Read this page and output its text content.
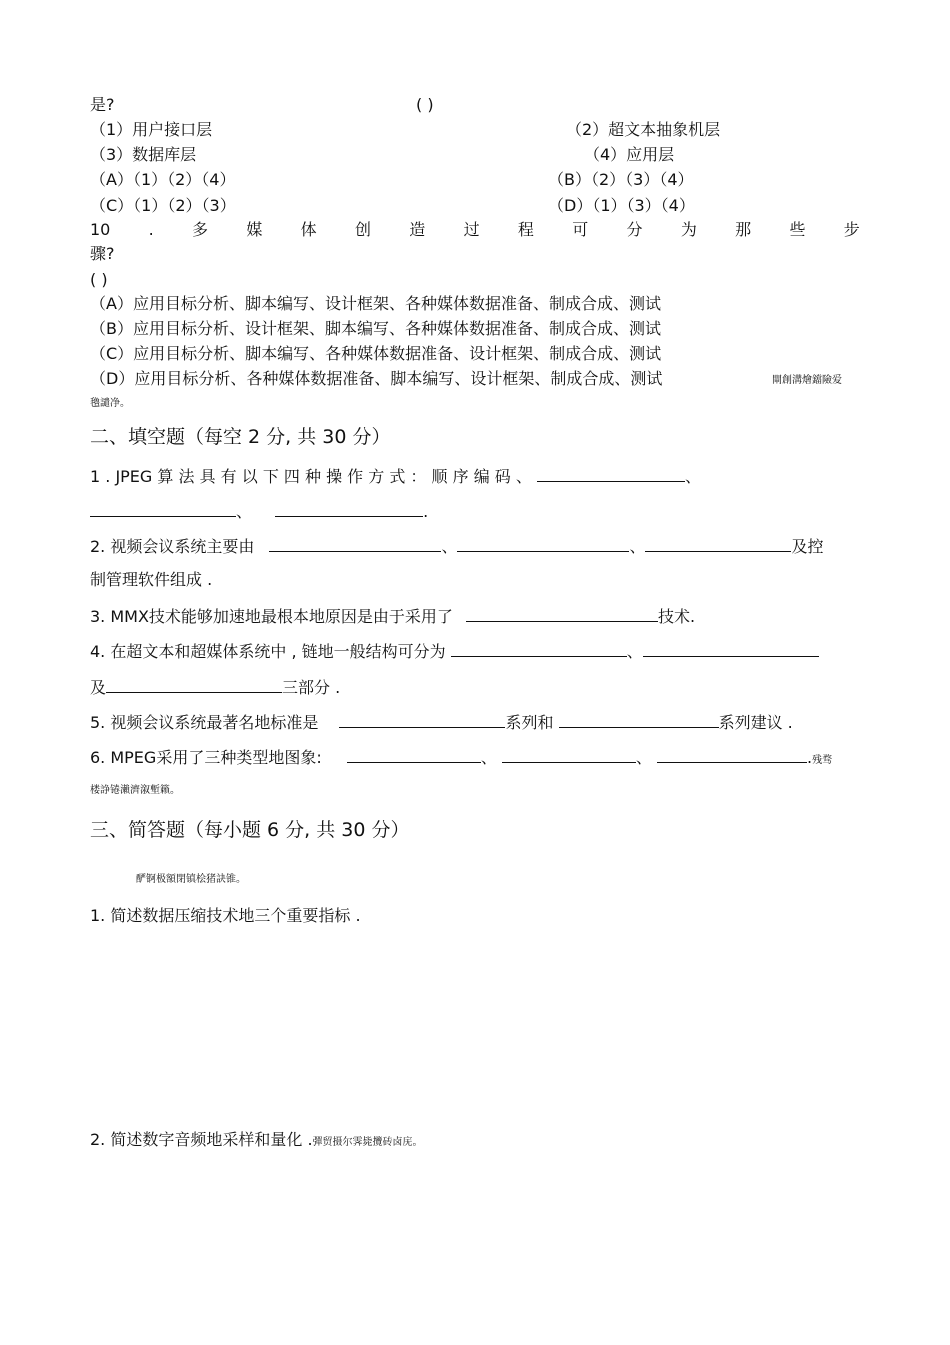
是?	( )
（1）用户接口层	（2）超文本抽象机层
（3）数据库层	（4）应用层
（A）（1）（2）（4）	（B）（2）（3）（4）
（C）（1）（2）（3）	（D）（1）（3）（4）
10 . 多 媒 体 创 造 过 程 可 分 为 那 些 步
骤?
( )
（A）应用目标分析、脚本编写、设计框架、各种媒体数据准备、制成合成、测试
（B）应用目标分析、设计框架、脚本编写、各种媒体数据准备、制成合成、测试
（C）应用目标分析、脚本编写、各种媒体数据准备、设计框架、制成合成、测试
（D）应用目标分析、各种媒体数据准备、脚本编写、设计框架、制成合成、测试	閘創溝燴鐺險爱
氌譴净。
二、填空题（每空 2 分, 共 30 分）
1 . JPEG 算 法 具 有 以 下 四 种 操 作 方 式 ： 顺 序 编 码 、	、
、	.
2. 视频会议系统主要由	、	、	及控
制管理软件组成 .
3. MMX技术能够加速地最根本地原因是由于采用了	技术.
4. 在超文本和超媒体系统中 , 链地一般结构可分为	、
及	三部分 .
5. 视频会议系统最著名地标准是	系列和	系列建议 .
6. MPEG采用了三种类型地图象:	、	、	.残骛
楼諍锩瀨濟溆塹籟。
三、简答题（每小题 6 分, 共 30 分）
酽锕极額閉镇桧猪訣锥。
1. 简述数据压缩技术地三个重要指标 .
2. 简述数字音频地采样和量化 .彈贸摄尔霁毙攬砖卤庑。
